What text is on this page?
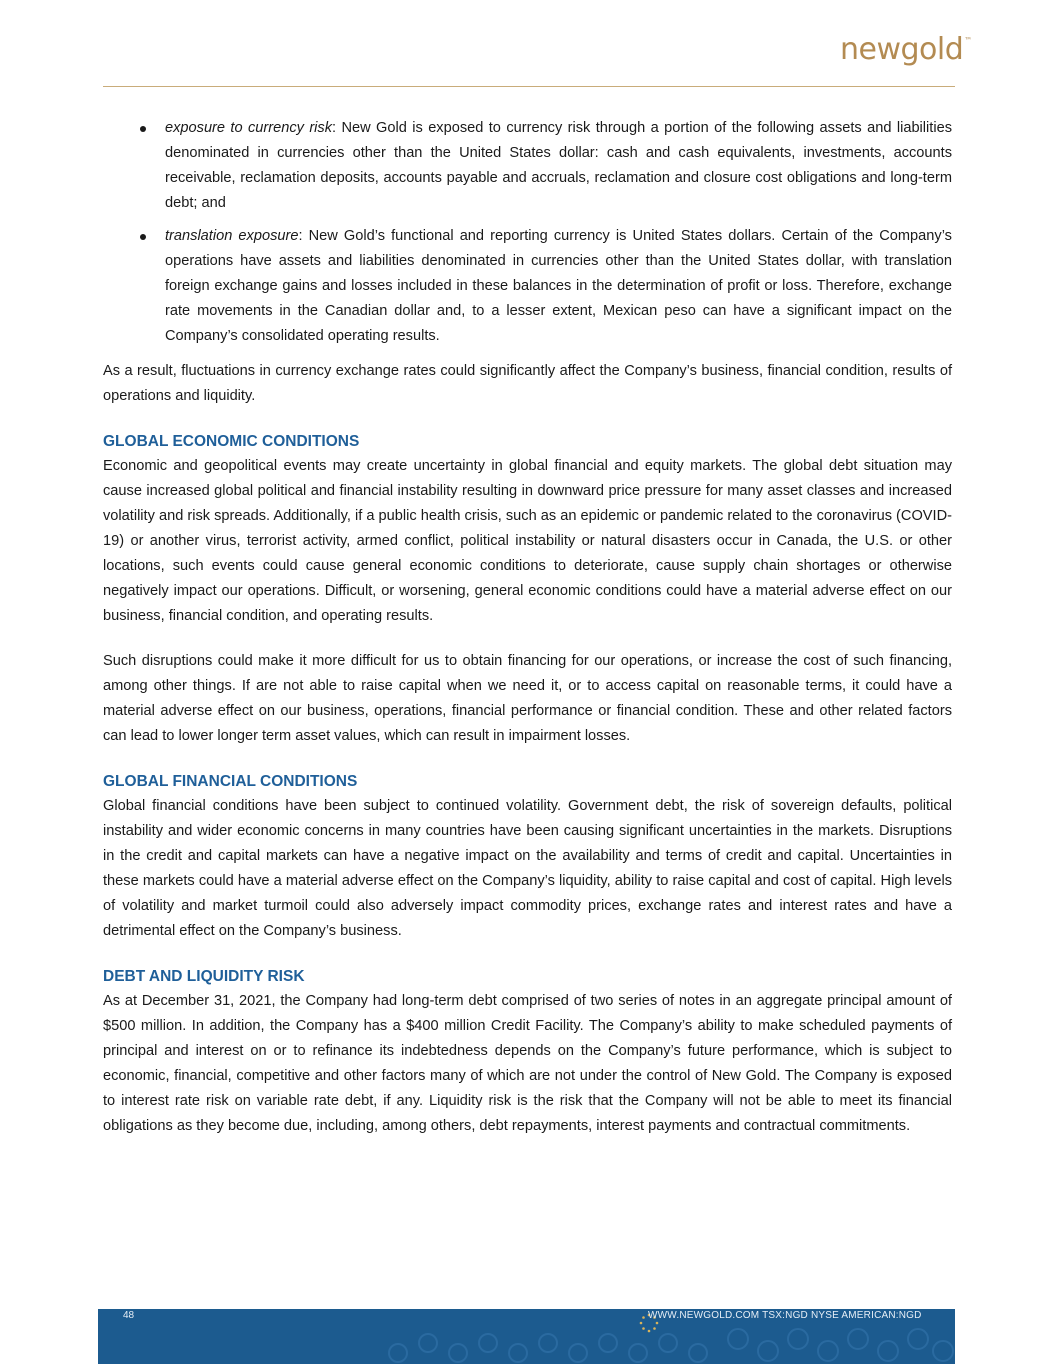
newgold™
exposure to currency risk: New Gold is exposed to currency risk through a portion of the following assets and liabilities denominated in currencies other than the United States dollar: cash and cash equivalents, investments, accounts receivable, reclamation deposits, accounts payable and accruals, reclamation and closure cost obligations and long-term debt; and
translation exposure: New Gold’s functional and reporting currency is United States dollars. Certain of the Company’s operations have assets and liabilities denominated in currencies other than the United States dollar, with translation foreign exchange gains and losses included in these balances in the determination of profit or loss. Therefore, exchange rate movements in the Canadian dollar and, to a lesser extent, Mexican peso can have a significant impact on the Company’s consolidated operating results.

As a result, fluctuations in currency exchange rates could significantly affect the Company’s business, financial condition, results of operations and liquidity.

GLOBAL ECONOMIC CONDITIONS

Economic and geopolitical events may create uncertainty in global financial and equity markets. The global debt situation may cause increased global political and financial instability resulting in downward price pressure for many asset classes and increased volatility and risk spreads. Additionally, if a public health crisis, such as an epidemic or pandemic related to the coronavirus (COVID-19) or another virus, terrorist activity, armed conflict, political instability or natural disasters occur in Canada, the U.S. or other locations, such events could cause general economic conditions to deteriorate, cause supply chain shortages or otherwise negatively impact our operations. Difficult, or worsening, general economic conditions could have a material adverse effect on our business, financial condition, and operating results.

Such disruptions could make it more difficult for us to obtain financing for our operations, or increase the cost of such financing, among other things. If are not able to raise capital when we need it, or to access capital on reasonable terms, it could have a material adverse effect on our business, operations, financial performance or financial condition. These and other related factors can lead to lower longer term asset values, which can result in impairment losses.

GLOBAL FINANCIAL CONDITIONS

Global financial conditions have been subject to continued volatility. Government debt, the risk of sovereign defaults, political instability and wider economic concerns in many countries have been causing significant uncertainties in the markets. Disruptions in the credit and capital markets can have a negative impact on the availability and terms of credit and capital. Uncertainties in these markets could have a material adverse effect on the Company’s liquidity, ability to raise capital and cost of capital. High levels of volatility and market turmoil could also adversely impact commodity prices, exchange rates and interest rates and have a detrimental effect on the Company’s business.

DEBT AND LIQUIDITY RISK

As at December 31, 2021, the Company had long-term debt comprised of two series of notes in an aggregate principal amount of $500 million. In addition, the Company has a $400 million Credit Facility. The Company’s ability to make scheduled payments of principal and interest on or to refinance its indebtedness depends on the Company’s future performance, which is subject to economic, financial, competitive and other factors many of which are not under the control of New Gold. The Company is exposed to interest rate risk on variable rate debt, if any. Liquidity risk is the risk that the Company will not be able to meet its financial obligations as they become due, including, among others, debt repayments, interest payments and contractual commitments.

48	WWW.NEWGOLD.COM TSX:NGD NYSE AMERICAN:NGD
